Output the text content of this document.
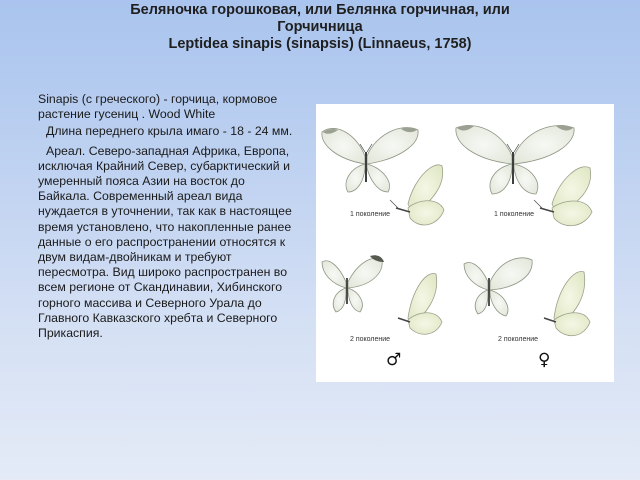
Беляночка горошковая, или Белянка горчичная, или
Горчичница
Leptidea sinapis (sinapsis) (Linnaeus, 1758)

Sinapis (с греческого) - горчица, кормовое растение гусениц . Wood White

Длина переднего крыла имаго - 18 - 24 мм.

Ареал. Северо-западная Африка, Европа, исключая Крайний Север, субарктический и умеренный пояса Азии на восток до Байкала. Современный ареал вида нуждается в уточнении, так как в настоящее время установлено, что накопленные ранее данные о его распространении относятся к двум видам-двойникам и требуют пересмотра. Вид широко распространен во всем регионе от Скандинавии, Хибинского горного массива и Северного Урала до Главного Кавказского хребта и Северного Прикаспия.

1 поколение	1 поколение
2 поколение	2 поколение
♂	♀
